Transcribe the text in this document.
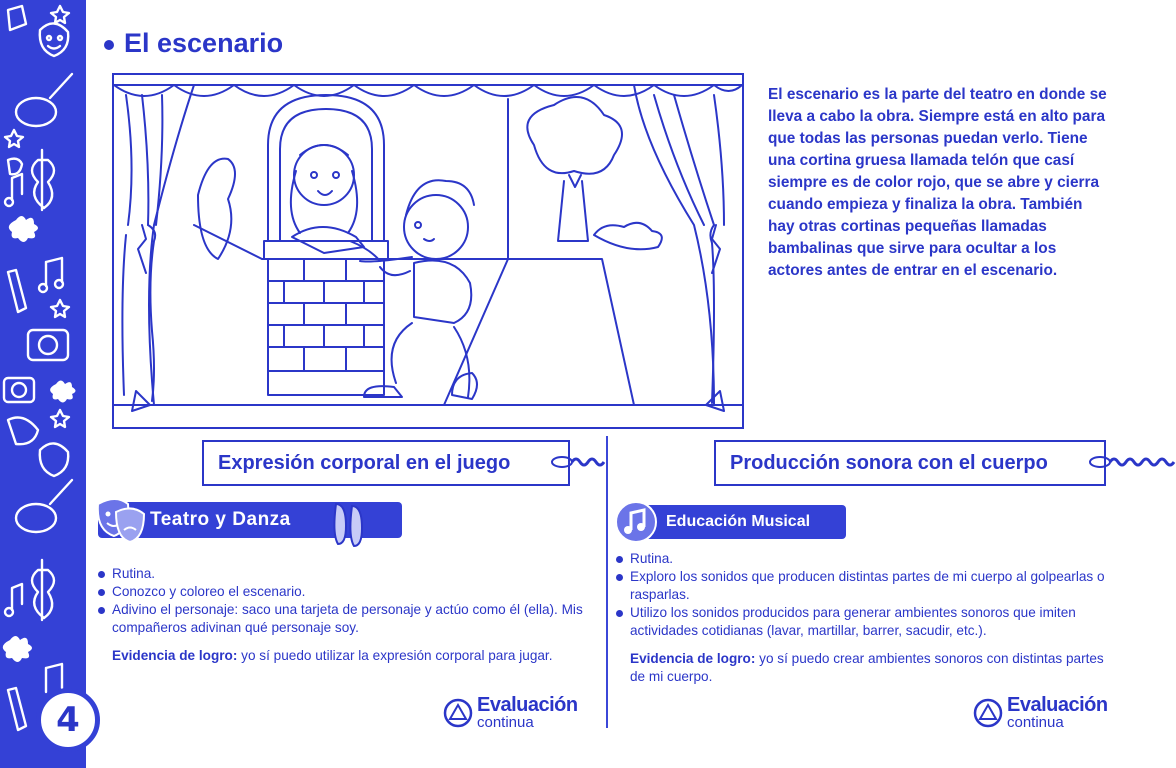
4
El escenario
El escenario es la parte del teatro en donde se lleva a cabo la obra. Siempre está en alto para que todas las personas puedan verlo. Tiene una cortina gruesa llamada telón que casí siempre es de color rojo, que se abre y cierra cuando empieza y finaliza la obra. También hay otras cortinas pequeñas llamadas bambalinas que sirve para ocultar a los actores antes de entrar en el escenario.
Expresión corporal en el juego
Teatro y Danza
Rutina.
Conozco y coloreo el escenario.
Adivino el personaje: saco una tarjeta de personaje y actúo como él (ella). Mis compañeros adivinan qué personaje soy.
Evidencia de logro: yo sí puedo utilizar la expresión corporal para jugar.
Evaluación
continua
Producción sonora con el cuerpo
Educación Musical
Rutina.
Exploro los sonidos que producen distintas partes de mi cuerpo al golpearlas o rasparlas.
Utilizo los sonidos producidos para generar ambientes sonoros que imiten actividades cotidianas (lavar, martillar, barrer, sacudir, etc.).
Evidencia de logro: yo sí puedo crear ambientes sonoros con distintas partes de mi cuerpo.
Evaluación
continua
